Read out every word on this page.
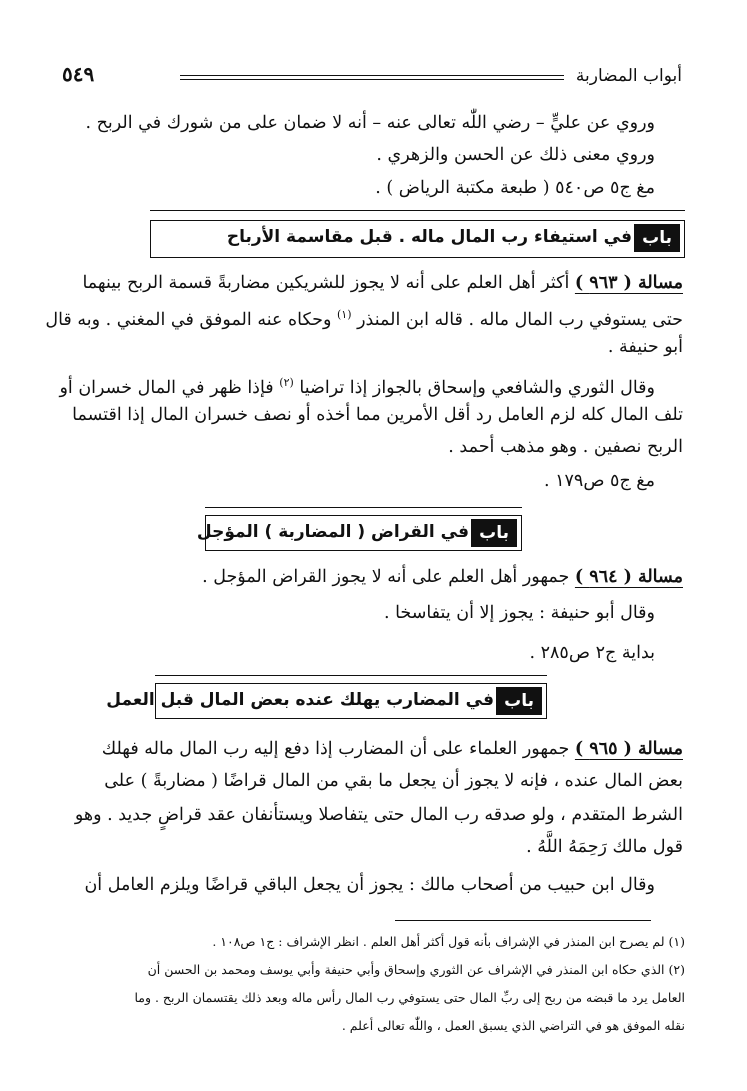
أبواب المضاربة
٥٤٩
وروي عن عليٍّ – رضي اللّٰه تعالى عنه – أنه لا ضمان على من شورك في الربح .
وروي معنى ذلك عن الحسن والزهري .
مغ ج٥ ص٥٤٠ ( طبعة مكتبة الرياض ) .
باب
في استيفاء رب المال ماله . قبل مقاسمة الأرباح
مسالة ( ٩٦٣ ) أكثر أهل العلم على أنه لا يجوز للشريكين مضاربةً قسمة الربح بينهما
حتى يستوفي رب المال ماله . قاله ابن المنذر $^{(١)}$ وحكاه عنه الموفق في المغني . وبه قال
أبو حنيفة .
وقال الثوري والشافعي وإسحاق بالجواز إذا تراضيا $^{(٢)}$ فإذا ظهر في المال خسران أو
تلف المال كله لزم العامل رد أقل الأمرين مما أخذه أو نصف خسران المال إذا اقتسما
الربح نصفين . وهو مذهب أحمد .
مغ ج٥ ص١٧٩ .
باب
في القراض ( المضاربة ) المؤجل
مسالة ( ٩٦٤ ) جمهور أهل العلم على أنه لا يجوز القراض المؤجل .
وقال أبو حنيفة : يجوز إلا أن يتفاسخا .
بداية ج٢ ص٢٨٥ .
باب
في المضارب يهلك عنده بعض المال قبل العمل
مسالة ( ٩٦٥ ) جمهور العلماء على أن المضارب إذا دفع إليه رب المال ماله فهلك
بعض المال عنده ، فإنه لا يجوز أن يجعل ما بقي من المال قراضًا ( مضاربةً ) على
الشرط المتقدم ، ولو صدقه رب المال حتى يتفاصلا ويستأنفان عقد قراضٍ جديد . وهو
قول مالك رَحِمَهُ اللَّهُ .
وقال ابن حبيب من أصحاب مالك : يجوز أن يجعل الباقي قراضًا ويلزم العامل أن
(١) لم يصرح ابن المنذر في الإشراف بأنه قول أكثر أهل العلم . انظر الإشراف : ج١ ص١٠٨ .
(٢) الذي حكاه ابن المنذر في الإشراف عن الثوري وإسحاق وأبي حنيفة وأبي يوسف ومحمد بن الحسن أن
العامل يرد ما قبضه من ربح إلى ربِّ المال حتى يستوفي رب المال رأس ماله وبعد ذلك يقتسمان الربح . وما
نقله الموفق هو في التراضي الذي يسبق العمل ، واللّٰه تعالى أعلم .
